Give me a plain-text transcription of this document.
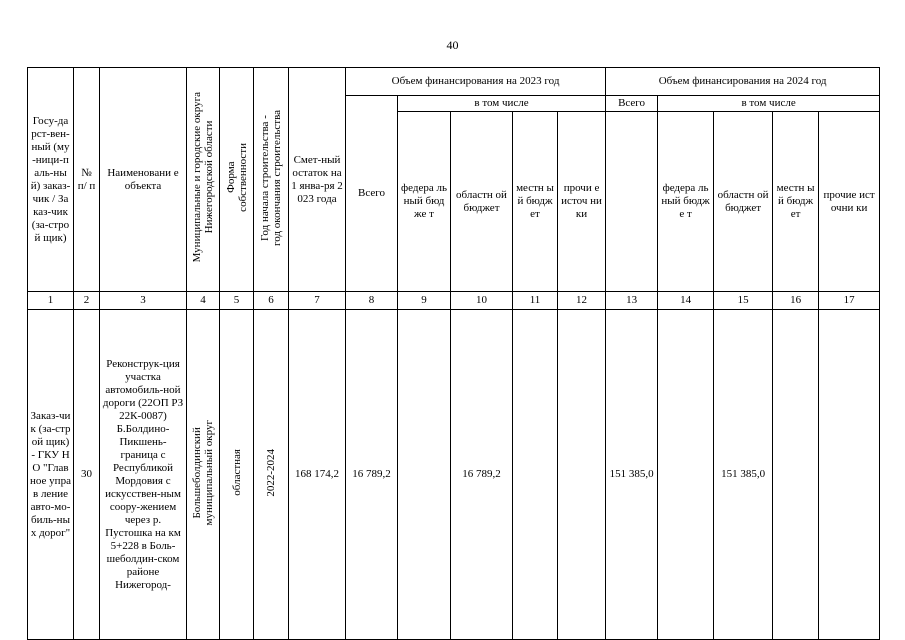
40
Госу-дарст-вен-ный (му-ници-паль-ный) заказ-чик / Заказ-чик (за-строй щик)	№ п/ п	Наименовани е объекта	Муниципальные и городские округа Нижегородской области	Форма собственности	Год начала строительства - год окончания строительства	Смет-ный остаток на 1 янва-ря 2023 года	Объем финансирования на 2023 год					Объем финансирования на 2024 год				
							Всего	в том числе				Всего	в том числе			
								федера льный бюдже т	областн ой бюджет	местн ый бюдж ет	прочи е источ ники		федера льный бюдже т	областн ой бюджет	местн ый бюдж ет	прочие источни ки
1	2	3	4	5	6	7	8	9	10	11	12	13	14	15	16	17
Заказ-чик (за-строй щик) - ГКУ НО "Глав ное управ ление авто-мо-биль-ных дорог"	30	Реконструк-ция участка автомобиль-ной дороги (22ОП РЗ 22К-0087) Б.Болдино-Пикшень-граница с Республикой Мордовия с искусствен-ным соору-жением через р. Пустошка на км 5+228 в Боль-шеболдин-ском районе Нижегород-	Большеболдинский муниципальный округ	областная	2022-2024	168 174,2	16 789,2		16 789,2			151 385,0		151 385,0		
